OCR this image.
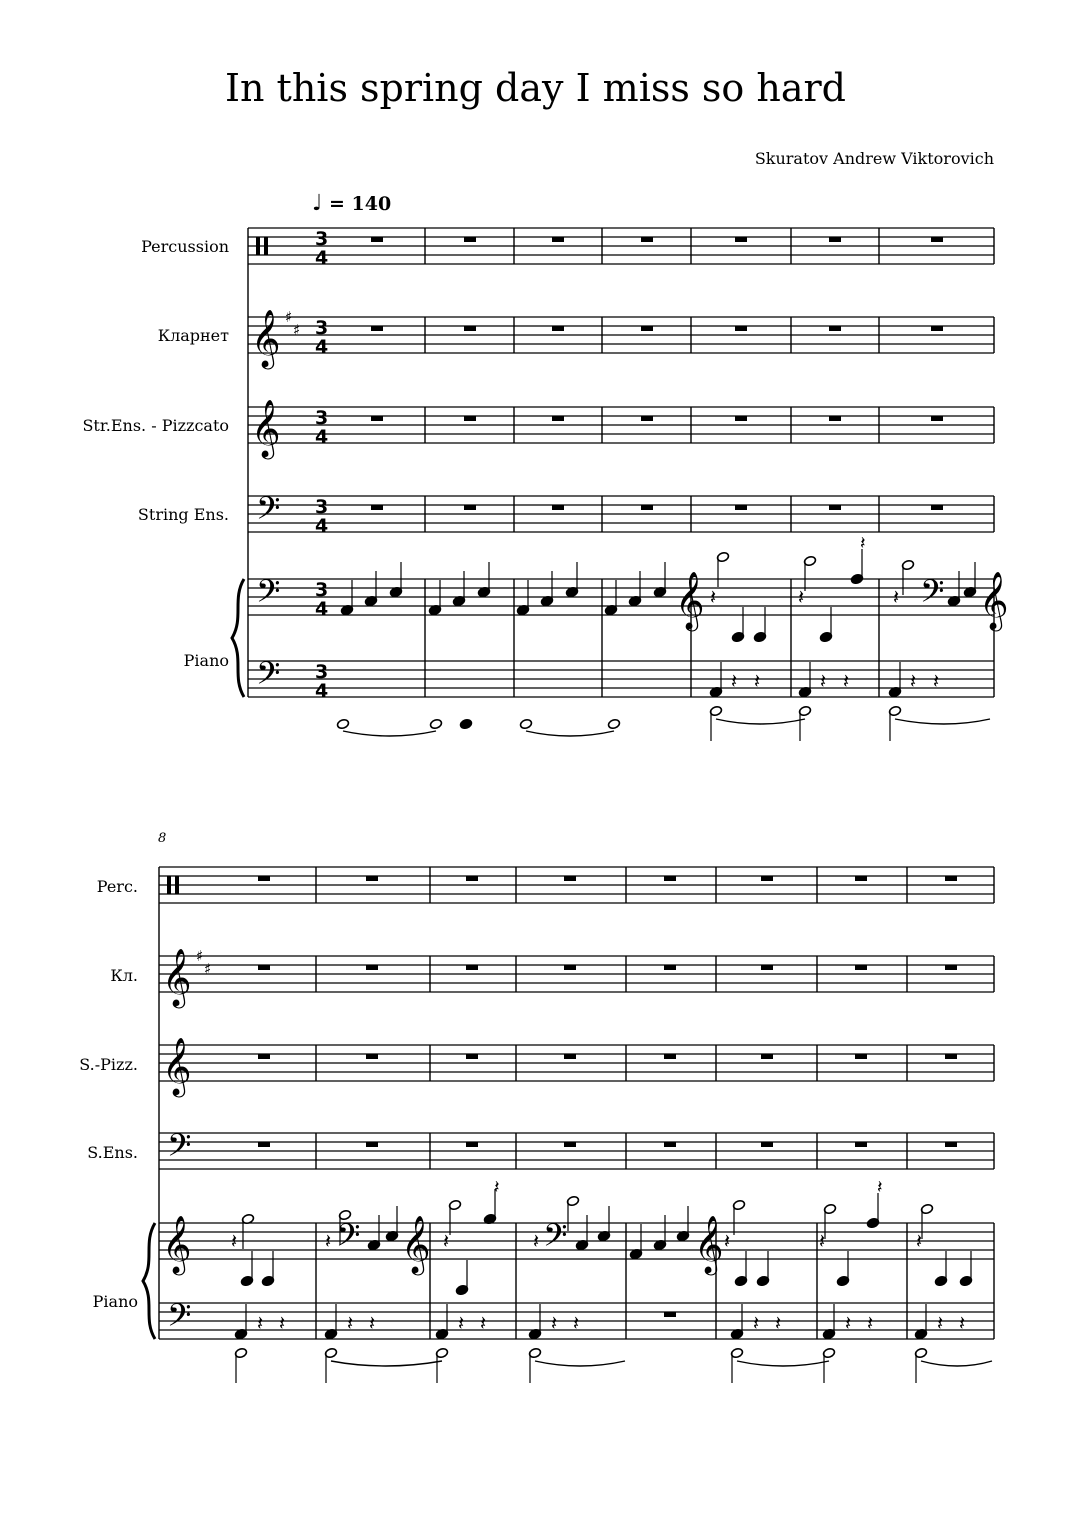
In this spring day I miss so hard
Skuratov Andrew Viktorovich
♩ = 140
Percussion
Кларнет
Str.Ens. - Pizzcato
String Ens.
Piano
8
Perc.
Кл.
S.-Pizz.
S.Ens.
Piano
𝄞 ♯
♯
𝄞
𝄢
𝄢
𝄢
3
4
3
4
3
4
3
4
3
4
3
4
𝄞 𝄽
𝄽
𝄽	𝄽 𝄢 𝄞
𝄽 𝄽	𝄽 𝄽	𝄽 𝄽
𝄞 ♯
♯
𝄞
𝄢
𝄞
𝄢
𝄽	𝄽 𝄢 𝄞
𝄽
𝄽	𝄽 𝄢	𝄞 𝄽
𝄽
𝄽	𝄽
𝄽 𝄽	𝄽 𝄽	𝄽 𝄽	𝄽 𝄽	𝄽 𝄽	𝄽 𝄽	𝄽 𝄽
